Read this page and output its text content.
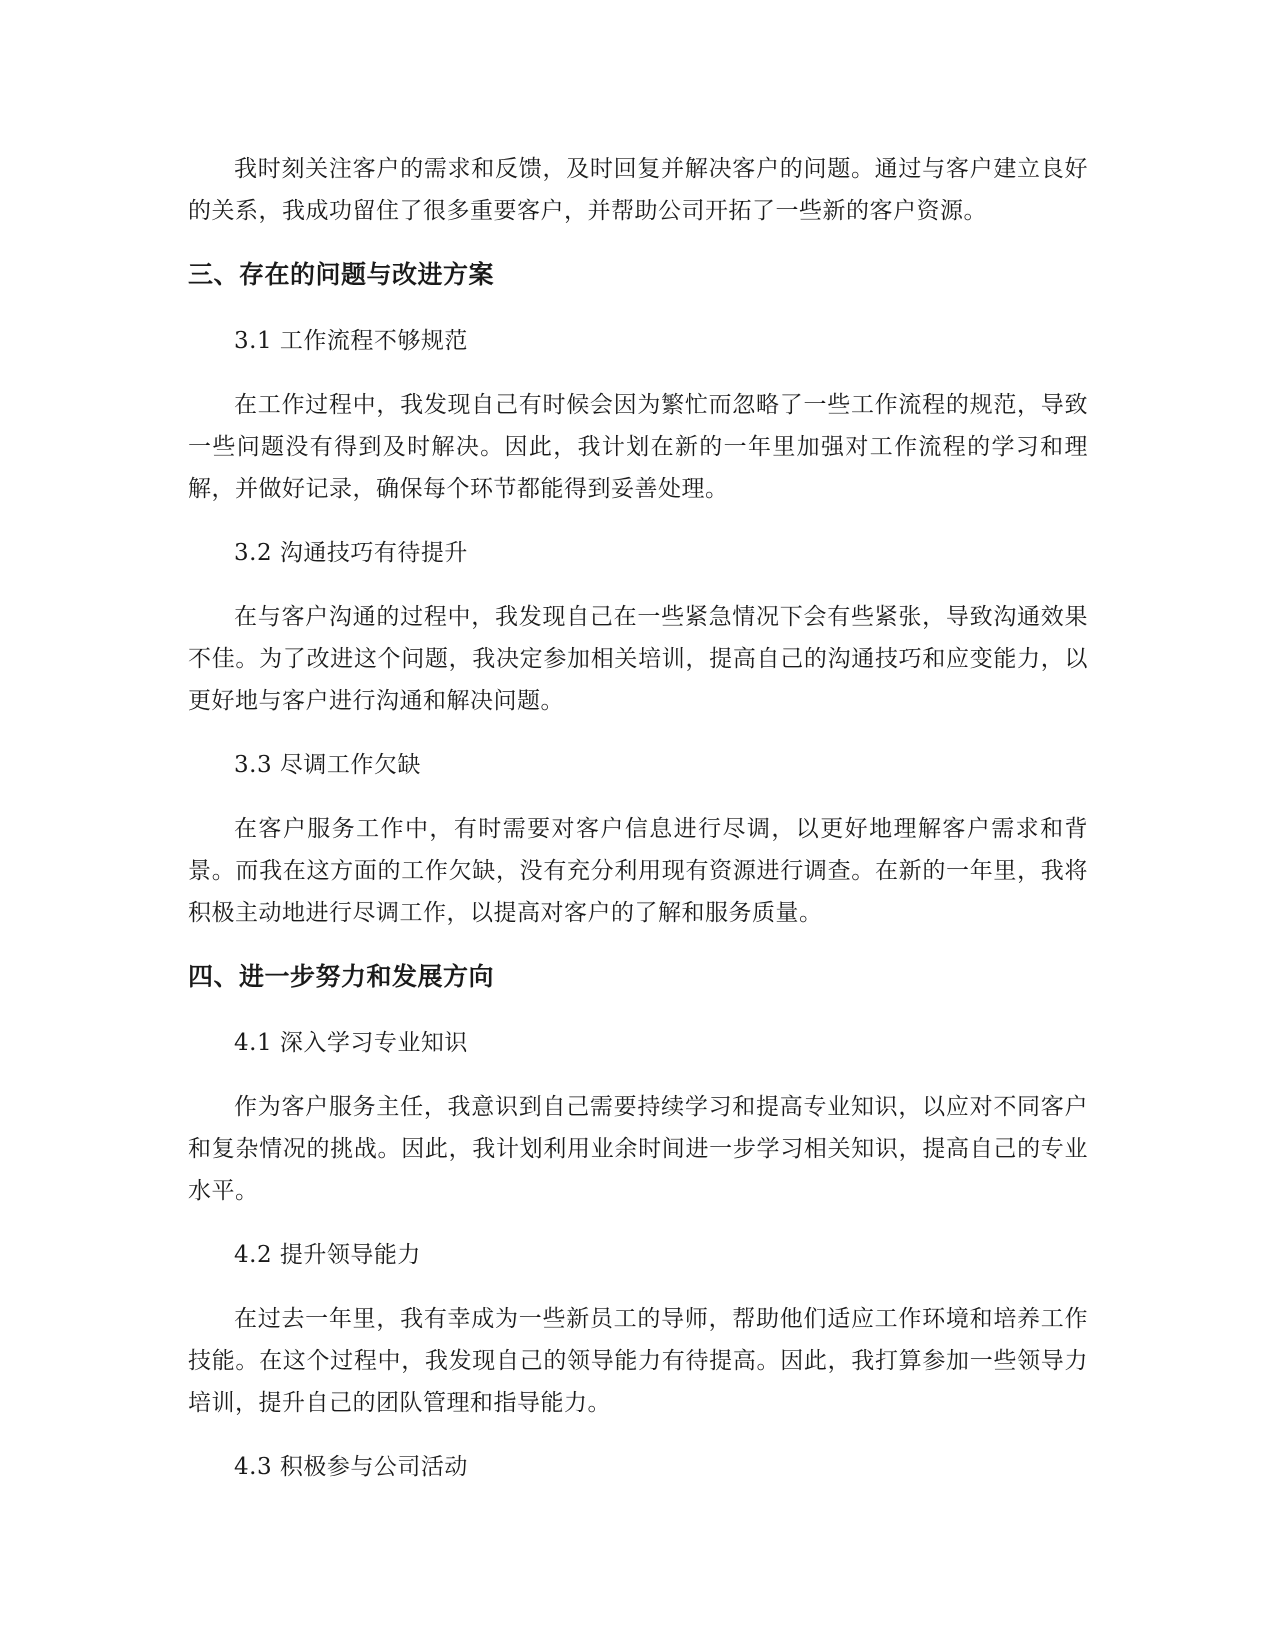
我时刻关注客户的需求和反馈，及时回复并解决客户的问题。通过与客户建立良好的关系，我成功留住了很多重要客户，并帮助公司开拓了一些新的客户资源。

三、存在的问题与改进方案

3.1 工作流程不够规范

在工作过程中，我发现自己有时候会因为繁忙而忽略了一些工作流程的规范，导致一些问题没有得到及时解决。因此，我计划在新的一年里加强对工作流程的学习和理解，并做好记录，确保每个环节都能得到妥善处理。

3.2 沟通技巧有待提升

在与客户沟通的过程中，我发现自己在一些紧急情况下会有些紧张，导致沟通效果不佳。为了改进这个问题，我决定参加相关培训，提高自己的沟通技巧和应变能力，以更好地与客户进行沟通和解决问题。

3.3 尽调工作欠缺

在客户服务工作中，有时需要对客户信息进行尽调，以更好地理解客户需求和背景。而我在这方面的工作欠缺，没有充分利用现有资源进行调查。在新的一年里，我将积极主动地进行尽调工作，以提高对客户的了解和服务质量。

四、进一步努力和发展方向

4.1 深入学习专业知识

作为客户服务主任，我意识到自己需要持续学习和提高专业知识，以应对不同客户和复杂情况的挑战。因此，我计划利用业余时间进一步学习相关知识，提高自己的专业水平。

4.2 提升领导能力

在过去一年里，我有幸成为一些新员工的导师，帮助他们适应工作环境和培养工作技能。在这个过程中，我发现自己的领导能力有待提高。因此，我打算参加一些领导力培训，提升自己的团队管理和指导能力。

4.3 积极参与公司活动
